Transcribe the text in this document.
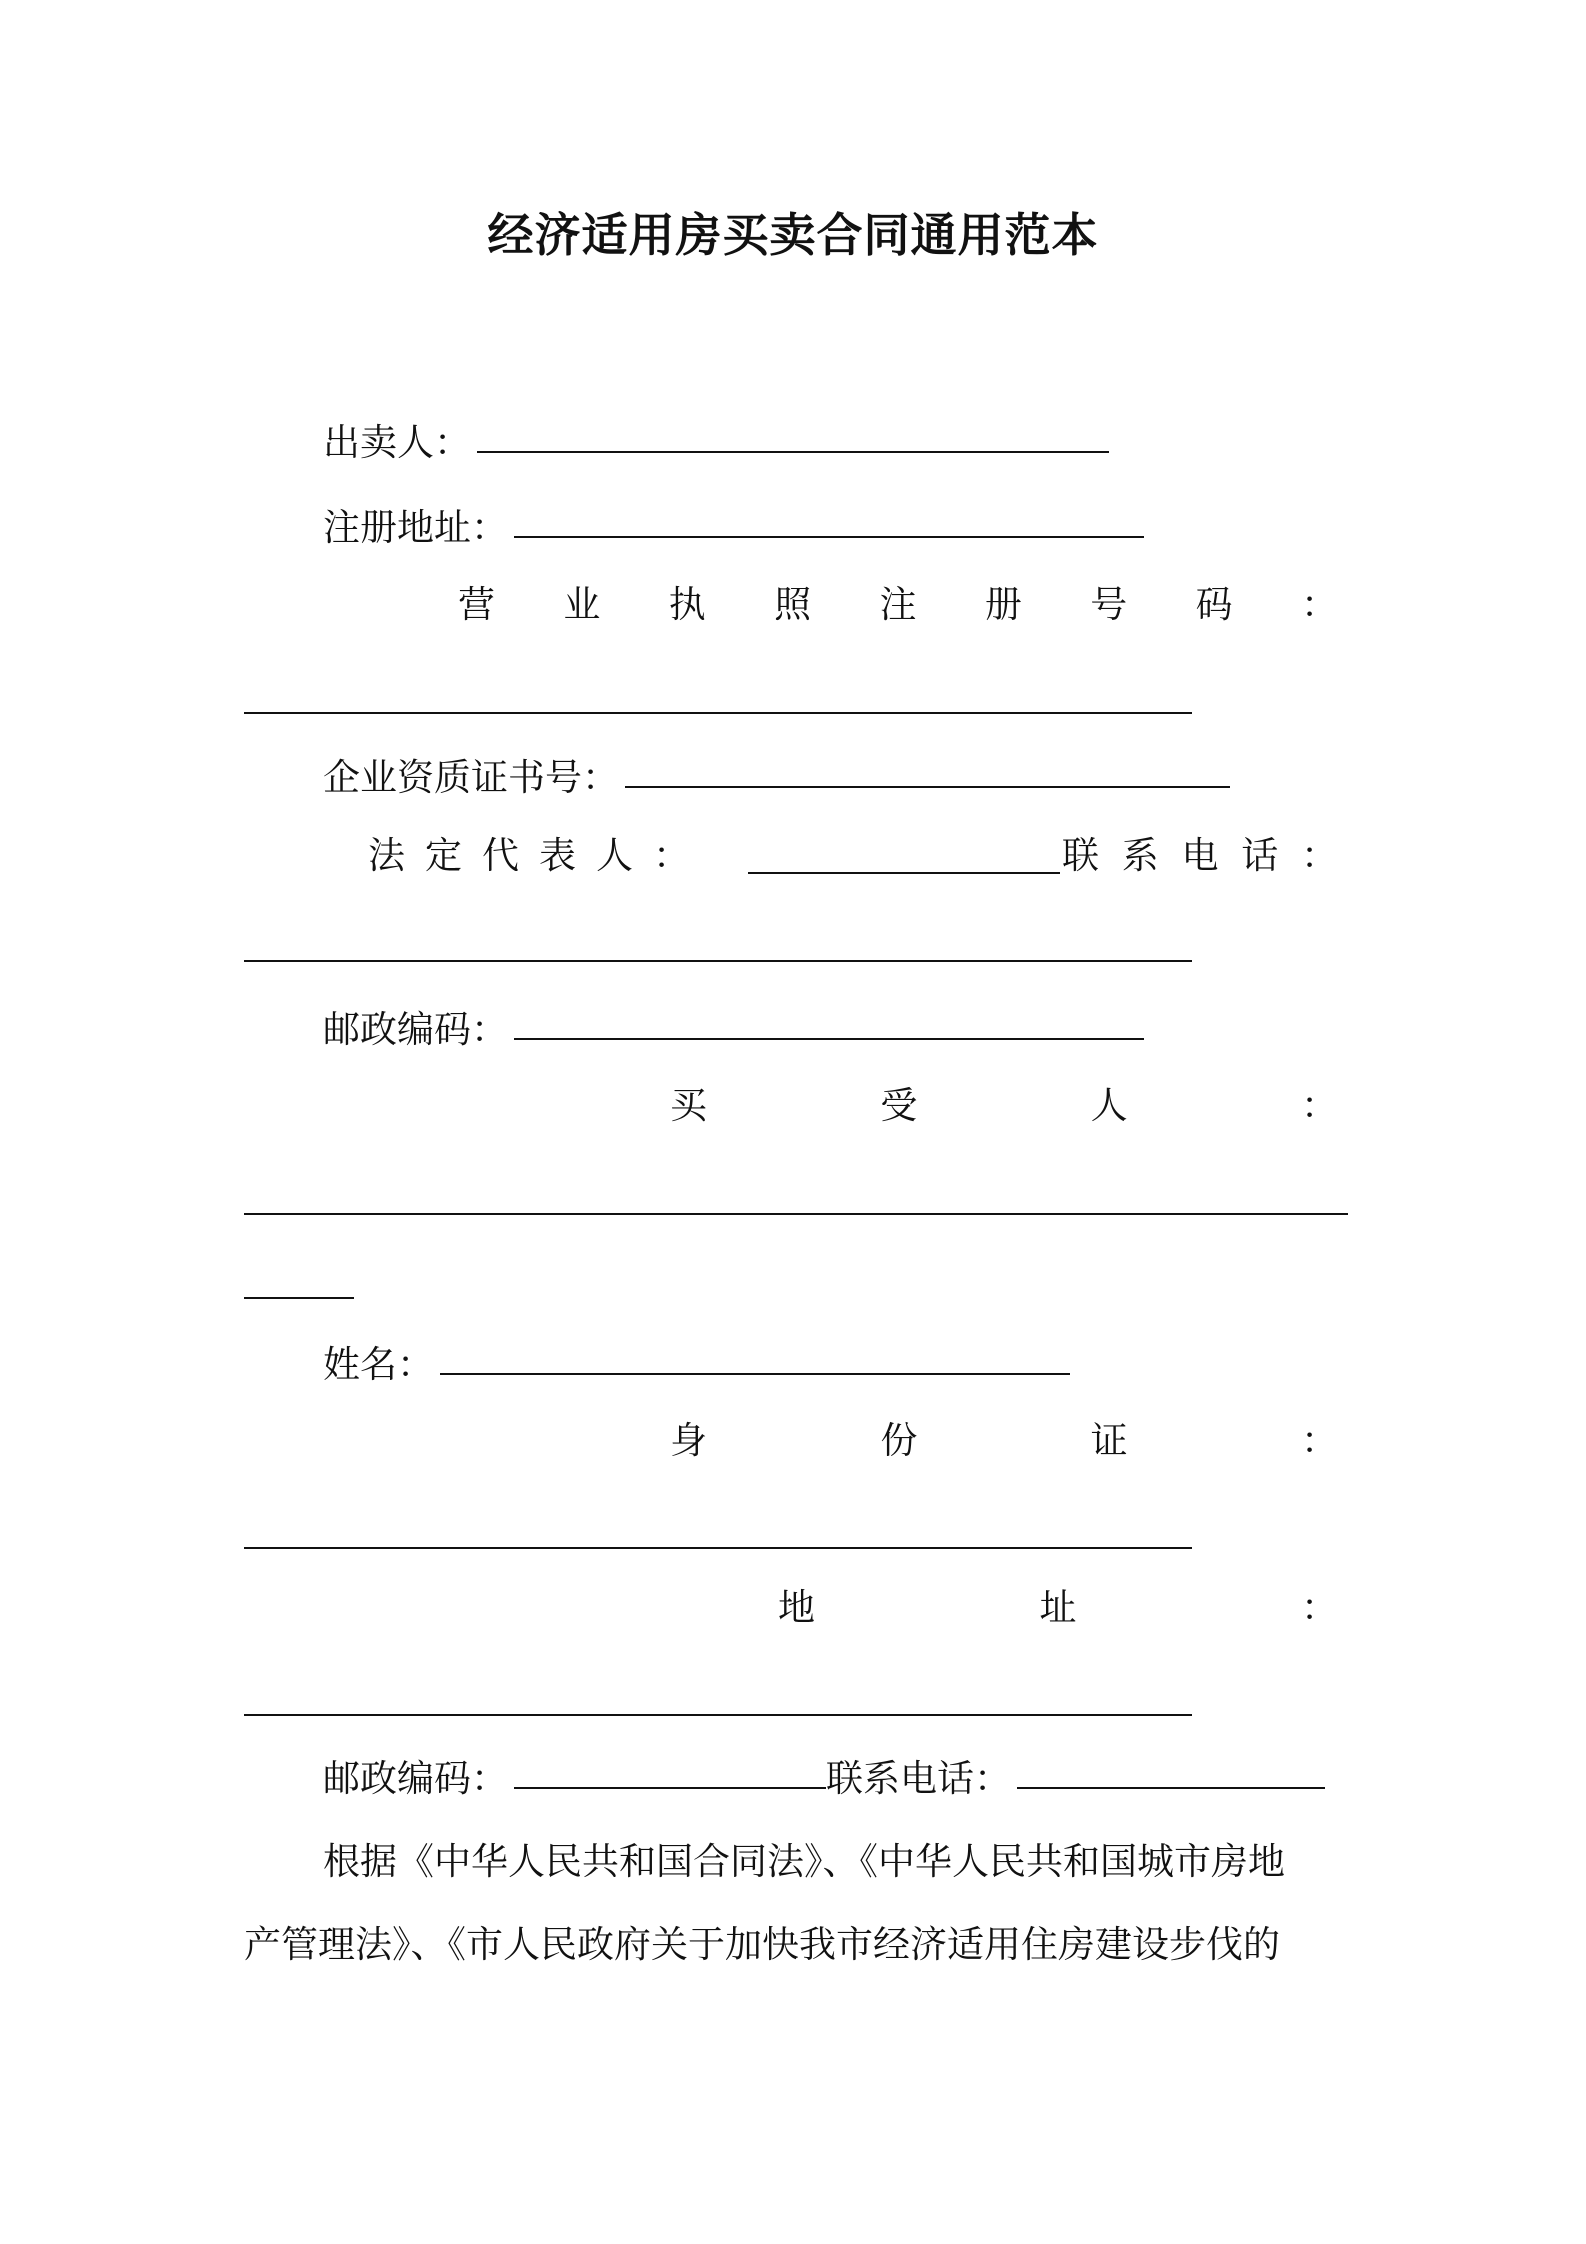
经济适用房买卖合同通用范本
出卖人：
注册地址：
营 业 执 照 注 册 号 码 ：
企业资质证书号：
法 定 代 表 人 ：	联 系 电 话 ：
邮政编码：
买	受	人	：
姓名：
身	份	证	：
地	址	：
邮政编码：	联系电话：
根据《中华人民共和国合同法》、《中华人民共和国城市房地
产管理法》、《市人民政府关于加快我市经济适用住房建设步伐的
